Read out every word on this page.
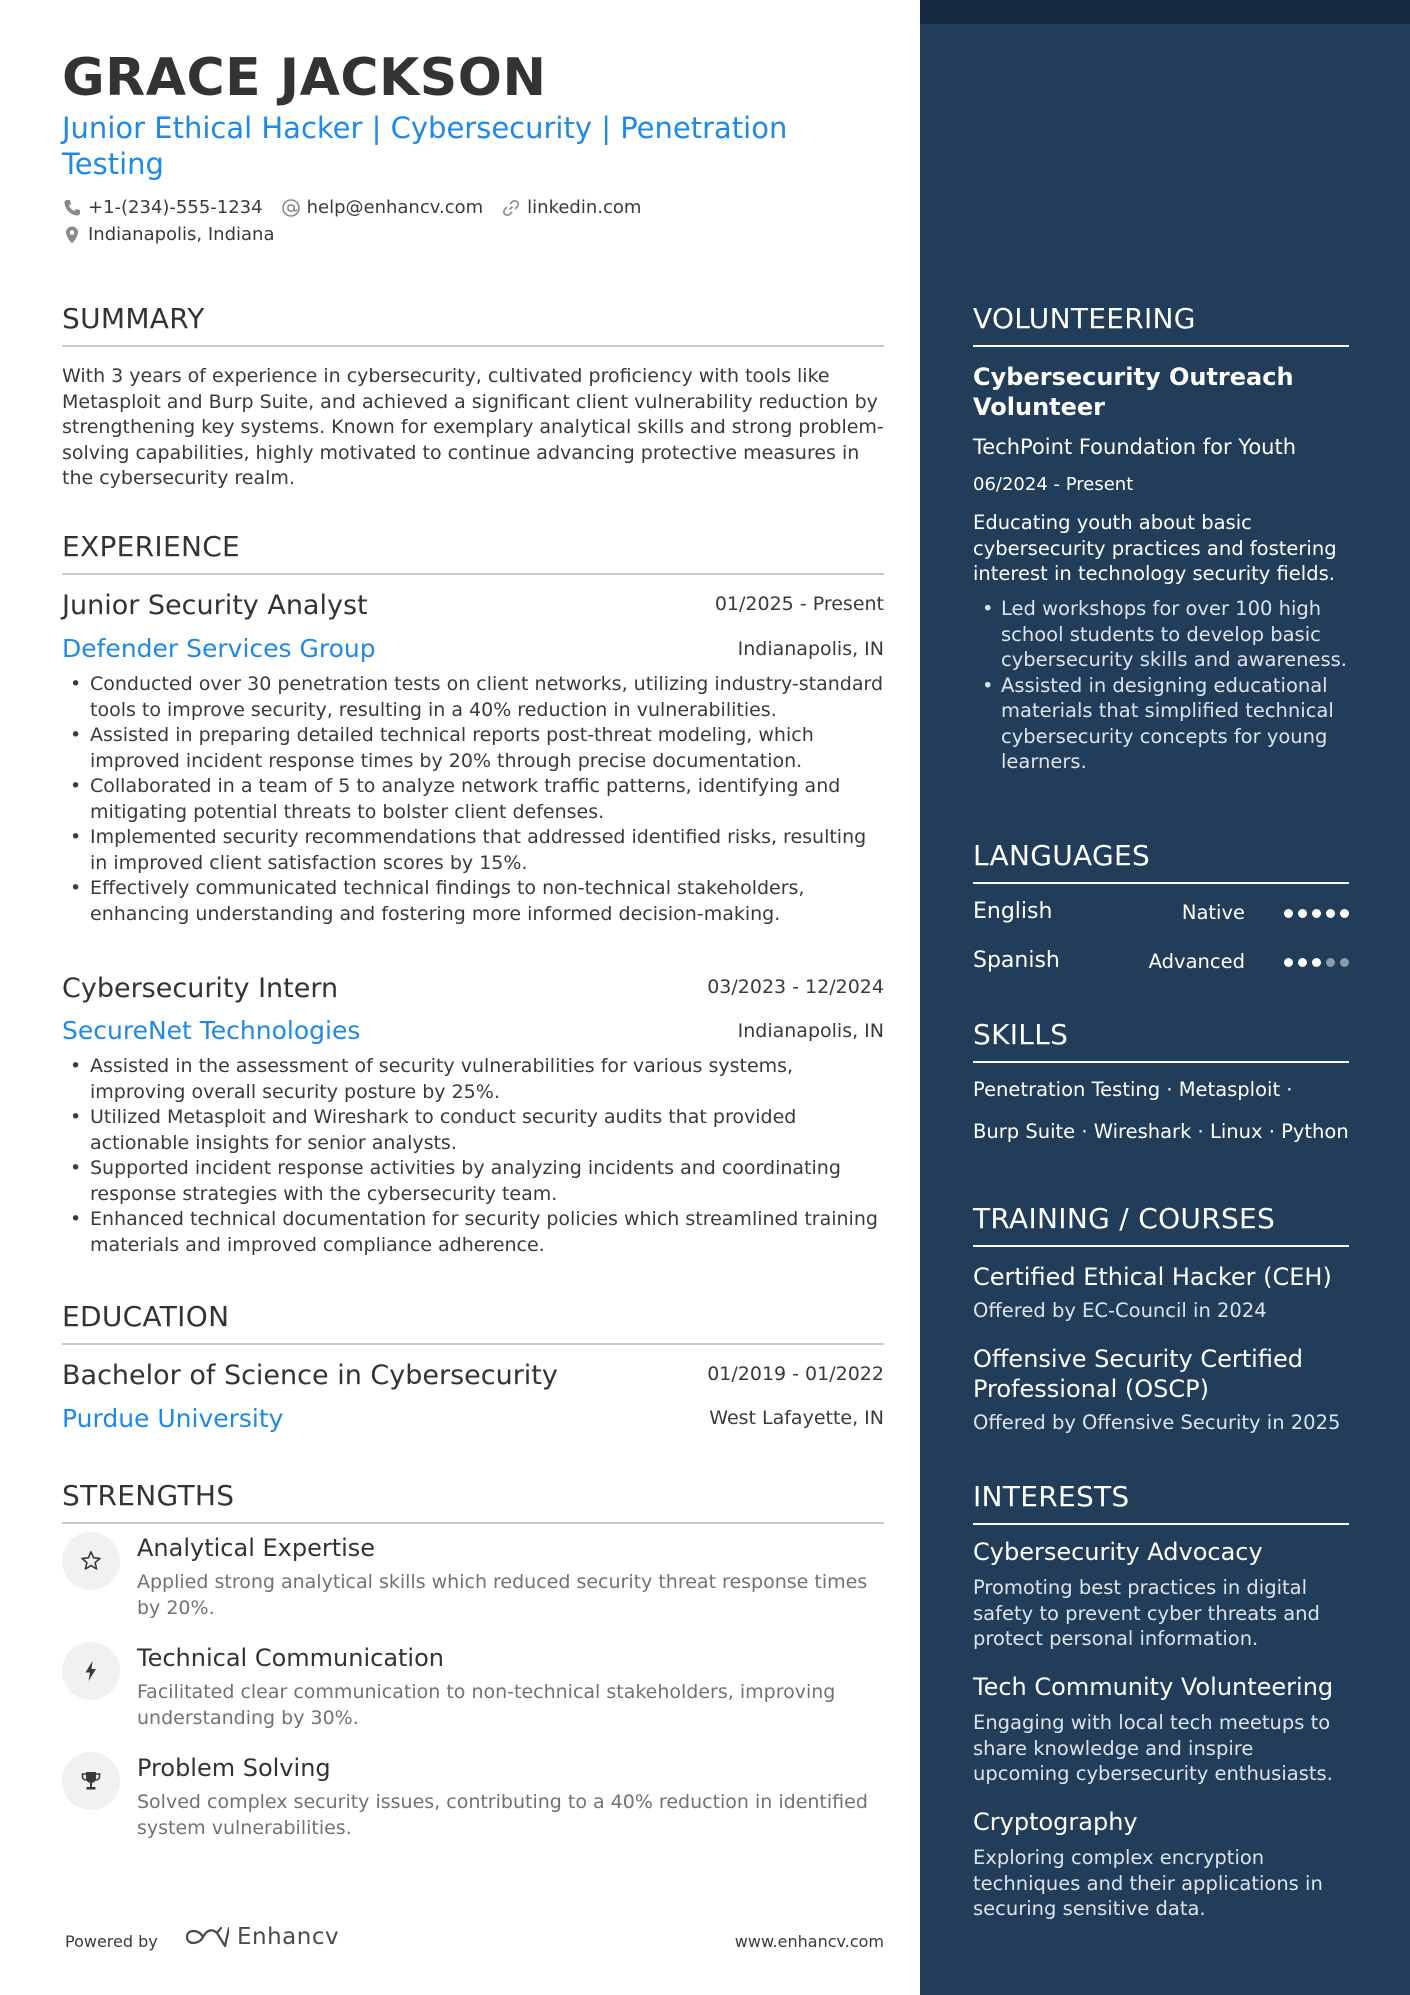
GRACE JACKSON
Junior Ethical Hacker | Cybersecurity | Penetration Testing
+1-(234)-555-1234 help@enhancv.com linkedin.com
Indianapolis, Indiana
SUMMARY
With 3 years of experience in cybersecurity, cultivated proficiency with tools like Metasploit and Burp Suite, and achieved a significant client vulnerability reduction by strengthening key systems. Known for exemplary analytical skills and strong problem-solving capabilities, highly motivated to continue advancing protective measures in the cybersecurity realm.
EXPERIENCE
Junior Security Analyst	01/2025 - Present
Defender Services Group	Indianapolis, IN
• Conducted over 30 penetration tests on client networks, utilizing industry-standard tools to improve security, resulting in a 40% reduction in vulnerabilities.
• Assisted in preparing detailed technical reports post-threat modeling, which improved incident response times by 20% through precise documentation.
• Collaborated in a team of 5 to analyze network traffic patterns, identifying and mitigating potential threats to bolster client defenses.
• Implemented security recommendations that addressed identified risks, resulting in improved client satisfaction scores by 15%.
• Effectively communicated technical findings to non-technical stakeholders, enhancing understanding and fostering more informed decision-making.
Cybersecurity Intern	03/2023 - 12/2024
SecureNet Technologies	Indianapolis, IN
• Assisted in the assessment of security vulnerabilities for various systems, improving overall security posture by 25%.
• Utilized Metasploit and Wireshark to conduct security audits that provided actionable insights for senior analysts.
• Supported incident response activities by analyzing incidents and coordinating response strategies with the cybersecurity team.
• Enhanced technical documentation for security policies which streamlined training materials and improved compliance adherence.
EDUCATION
Bachelor of Science in Cybersecurity	01/2019 - 01/2022
Purdue University	West Lafayette, IN
STRENGTHS
Analytical Expertise
Applied strong analytical skills which reduced security threat response times by 20%.
Technical Communication
Facilitated clear communication to non-technical stakeholders, improving understanding by 30%.
Problem Solving
Solved complex security issues, contributing to a 40% reduction in identified system vulnerabilities.
Powered by	Enhancv	www.enhancv.com
VOLUNTEERING
Cybersecurity Outreach Volunteer
TechPoint Foundation for Youth
06/2024 - Present
Educating youth about basic cybersecurity practices and fostering interest in technology security fields.
• Led workshops for over 100 high school students to develop basic cybersecurity skills and awareness.
• Assisted in designing educational materials that simplified technical cybersecurity concepts for young learners.
LANGUAGES
English	Native
Spanish	Advanced
SKILLS
Penetration Testing · Metasploit ·
Burp Suite · Wireshark · Linux · Python
TRAINING / COURSES
Certified Ethical Hacker (CEH)
Offered by EC-Council in 2024
Offensive Security Certified Professional (OSCP)
Offered by Offensive Security in 2025
INTERESTS
Cybersecurity Advocacy
Promoting best practices in digital safety to prevent cyber threats and protect personal information.
Tech Community Volunteering
Engaging with local tech meetups to share knowledge and inspire upcoming cybersecurity enthusiasts.
Cryptography
Exploring complex encryption techniques and their applications in securing sensitive data.
